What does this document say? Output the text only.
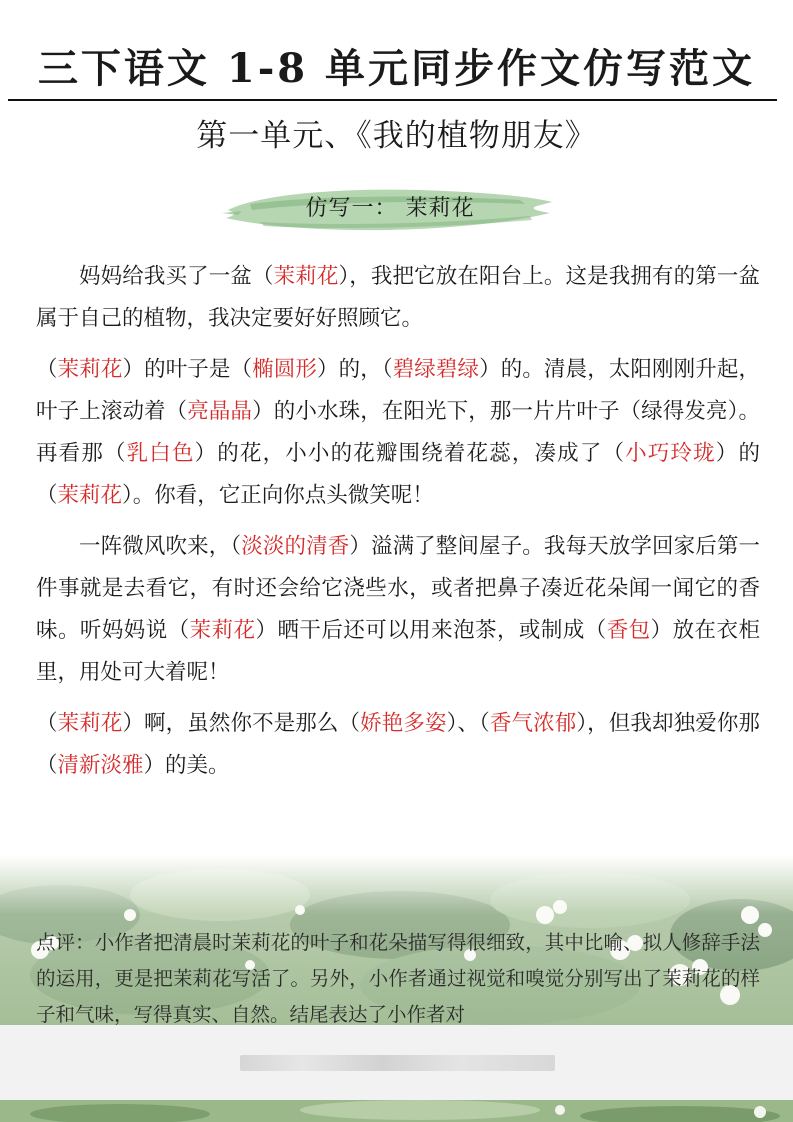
三下语文 1-8 单元同步作文仿写范文
第一单元、《我的植物朋友》
仿写一： 茉莉花

妈妈给我买了一盆（茉莉花），我把它放在阳台上。这是我拥有的第一盆属于自己的植物，我决定要好好照顾它。

（茉莉花）的叶子是（椭圆形）的，（碧绿碧绿）的。清晨，太阳刚刚升起，叶子上滚动着（亮晶晶）的小水珠，在阳光下，那一片片叶子（绿得发亮）。再看那（乳白色）的花，小小的花瓣围绕着花蕊，凑成了（小巧玲珑）的（茉莉花）。你看，它正向你点头微笑呢！

一阵微风吹来，（淡淡的清香）溢满了整间屋子。我每天放学回家后第一件事就是去看它，有时还会给它浇些水，或者把鼻子凑近花朵闻一闻它的香味。听妈妈说（茉莉花）晒干后还可以用来泡茶，或制成（香包）放在衣柜里，用处可大着呢！

（茉莉花）啊，虽然你不是那么（娇艳多姿）、（香气浓郁），但我却独爱你那（清新淡雅）的美。

点评：小作者把清晨时茉莉花的叶子和花朵描写得很细致，其中比喻、拟人修辞手法的运用，更是把茉莉花写活了。另外，小作者通过视觉和嗅觉分别写出了茉莉花的样子和气味，写得真实、自然。结尾表达了小作者对
